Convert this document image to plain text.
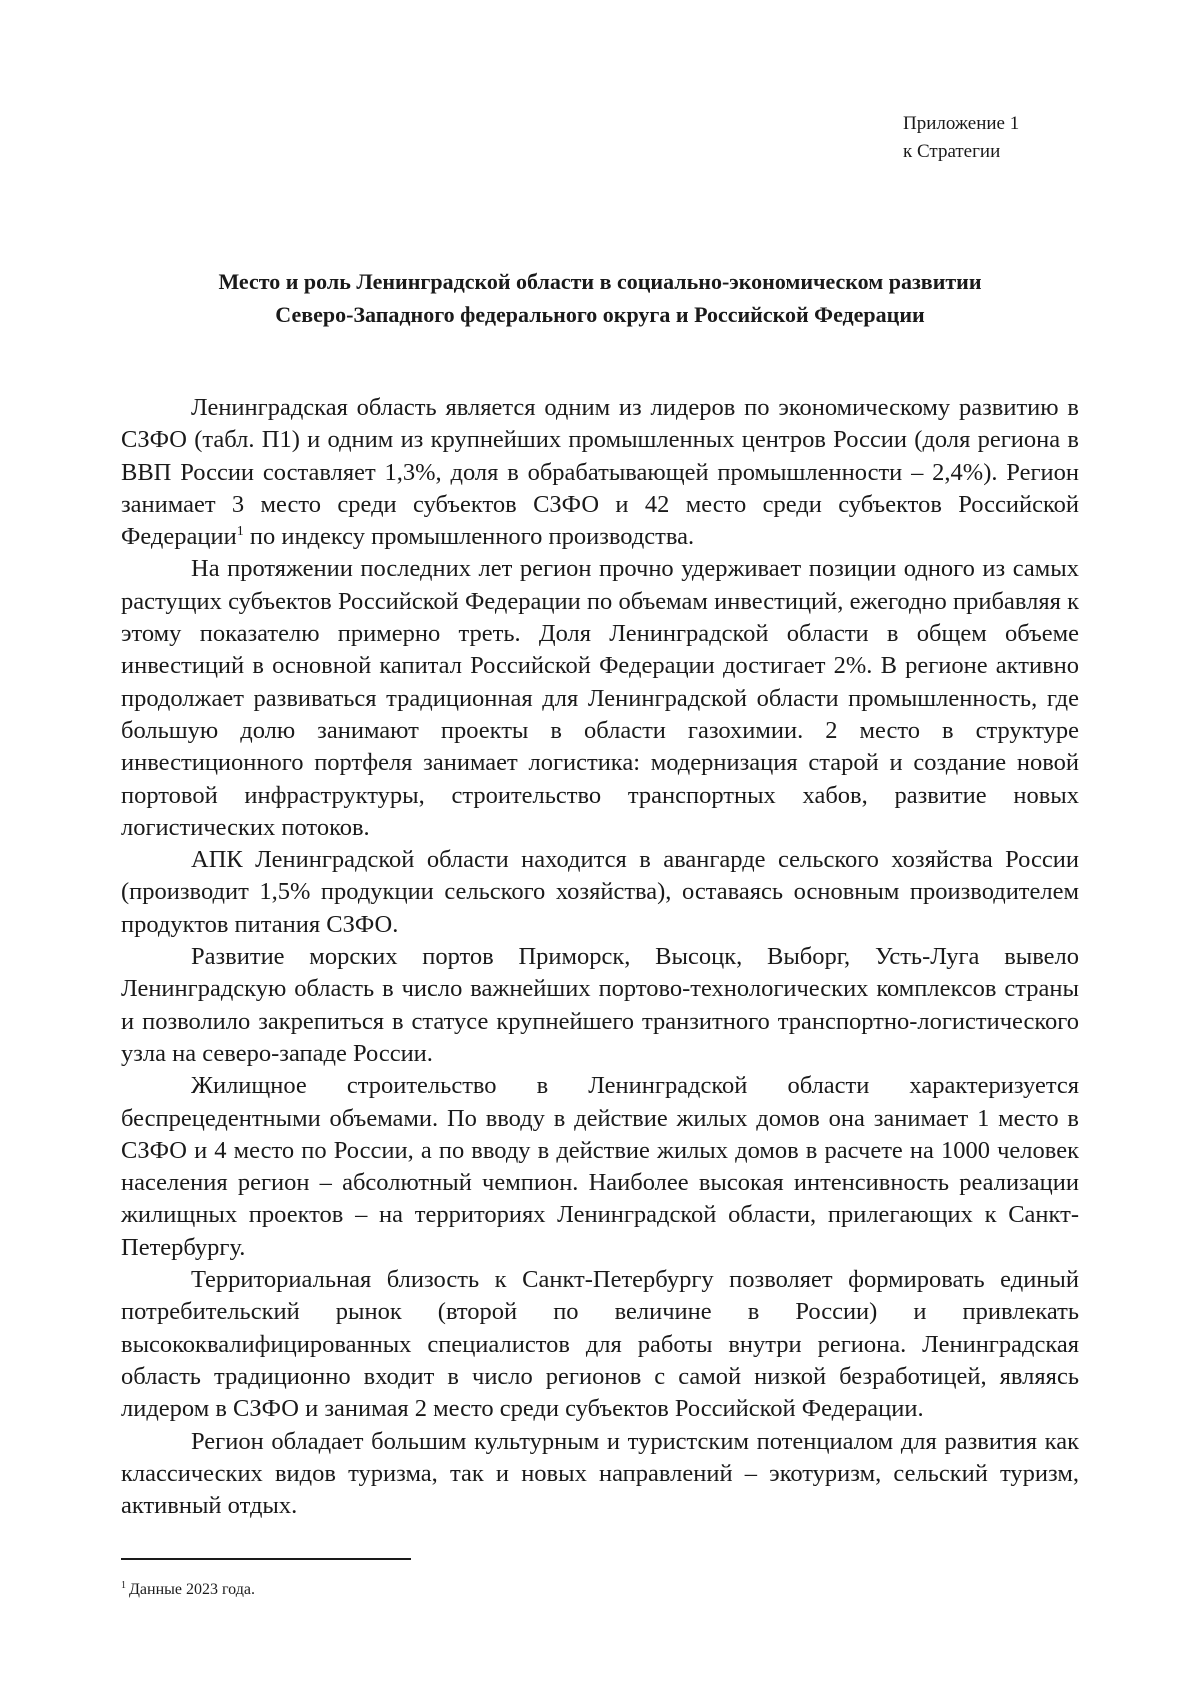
Приложение 1
к Стратегии
Место и роль Ленинградской области в социально-экономическом развитии
Северо-Западного федерального округа и Российской Федерации

Ленинградская область является одним из лидеров по экономическому развитию в СЗФО (табл. П1) и одним из крупнейших промышленных центров России (доля региона в ВВП России составляет 1,3%, доля в обрабатывающей промышленности – 2,4%). Регион занимает 3 место среди субъектов СЗФО и 42 место среди субъектов Российской Федерации$^1$ по индексу промышленного производства.

На протяжении последних лет регион прочно удерживает позиции одного из самых растущих субъектов Российской Федерации по объемам инвестиций, ежегодно прибавляя к этому показателю примерно треть. Доля Ленинградской области в общем объеме инвестиций в основной капитал Российской Федерации достигает 2%. В регионе активно продолжает развиваться традиционная для Ленинградской области промышленность, где большую долю занимают проекты в области газохимии. 2 место в структуре инвестиционного портфеля занимает логистика: модернизация старой и создание новой портовой инфраструктуры, строительство транспортных хабов, развитие новых логистических потоков.

АПК Ленинградской области находится в авангарде сельского хозяйства России (производит 1,5% продукции сельского хозяйства), оставаясь основным производителем продуктов питания СЗФО.

Развитие морских портов Приморск, Высоцк, Выборг, Усть-Луга вывело Ленинградскую область в число важнейших портово-технологических комплексов страны и позволило закрепиться в статусе крупнейшего транзитного транспортно-логистического узла на северо-западе России.

Жилищное строительство в Ленинградской области характеризуется беспрецедентными объемами. По вводу в действие жилых домов она занимает 1 место в СЗФО и 4 место по России, а по вводу в действие жилых домов в расчете на 1000 человек населения регион – абсолютный чемпион. Наиболее высокая интенсивность реализации жилищных проектов – на территориях Ленинградской области, прилегающих к Санкт-Петербургу.

Территориальная близость к Санкт-Петербургу позволяет формировать единый потребительский рынок (второй по величине в России) и привлекать высококвалифицированных специалистов для работы внутри региона. Ленинградская область традиционно входит в число регионов с самой низкой безработицей, являясь лидером в СЗФО и занимая 2 место среди субъектов Российской Федерации.

Регион обладает большим культурным и туристским потенциалом для развития как классических видов туризма, так и новых направлений – экотуризм, сельский туризм, активный отдых.

$^1$ Данные 2023 года.
